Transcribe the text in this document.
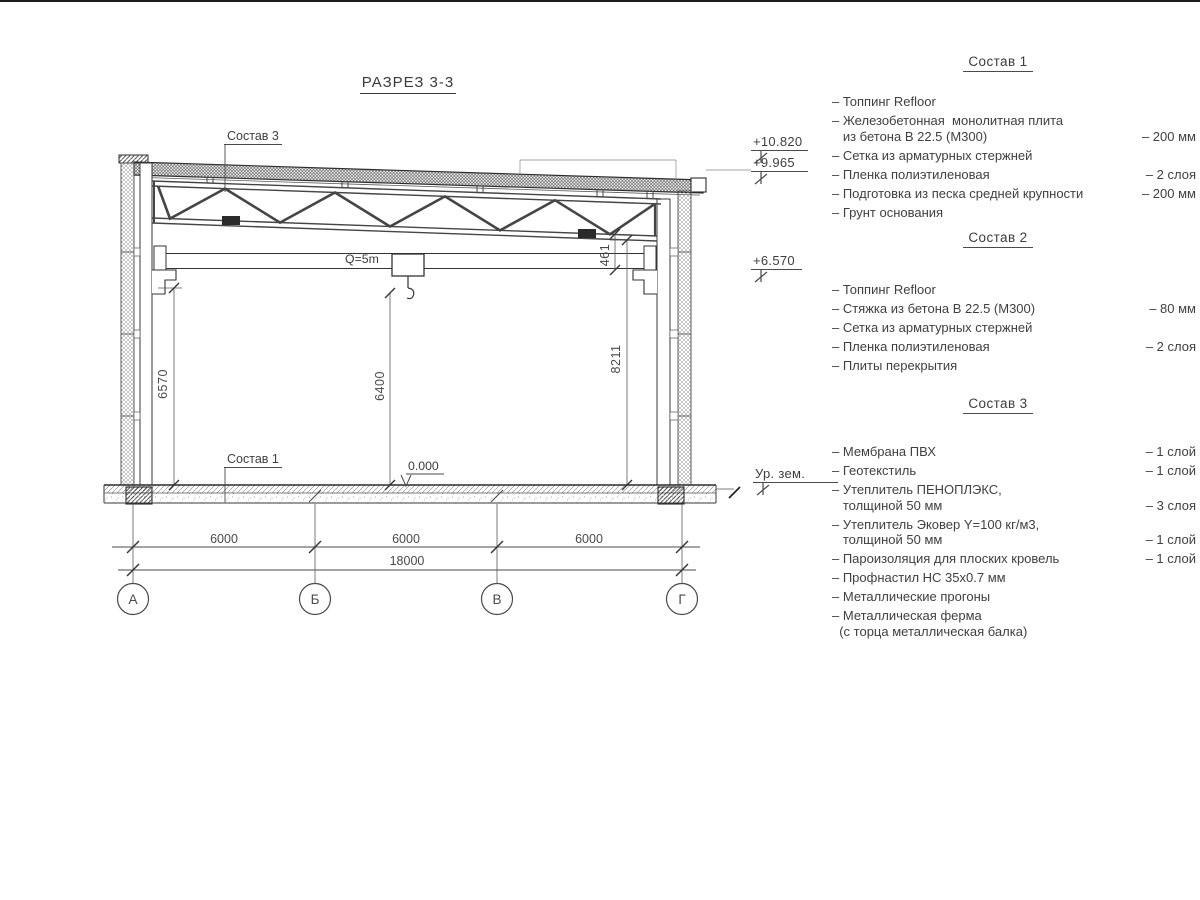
РАЗРЕЗ 3-3
Состав 3
Состав 1
Q=5m
0.000
6570	6400
8211
461
6000	6000	6000
18000
А	Б	В	Г
+10.820
+9.965
+6.570
Ур. зем.
Состав 1
– Топпинг Refloor
– Железобетонная  монолитная плита
из бетона В 22.5 (М300)	– 200 мм
– Сетка из арматурных стержней
– Пленка полиэтиленовая	– 2 слоя
– Подготовка из песка средней крупности	– 200 мм
– Грунт основания
Состав 2
– Топпинг Refloor
– Стяжка из бетона В 22.5 (М300)	– 80 мм
– Сетка из арматурных стержней
– Пленка полиэтиленовая	– 2 слоя
– Плиты перекрытия
Состав 3
– Мембрана ПВХ	– 1 слой
– Геотекстиль	– 1 слой
– Утеплитель ПЕНОПЛЭКС,
толщиной 50 мм	– 3 слоя
– Утеплитель Эковер Y=100 кг/м3,
толщиной 50 мм	– 1 слой
– Пароизоляция для плоских кровель	– 1 слой
– Профнастил НС 35х0.7 мм
– Металлические прогоны
– Металлическая ферма
(с торца металлическая балка)
